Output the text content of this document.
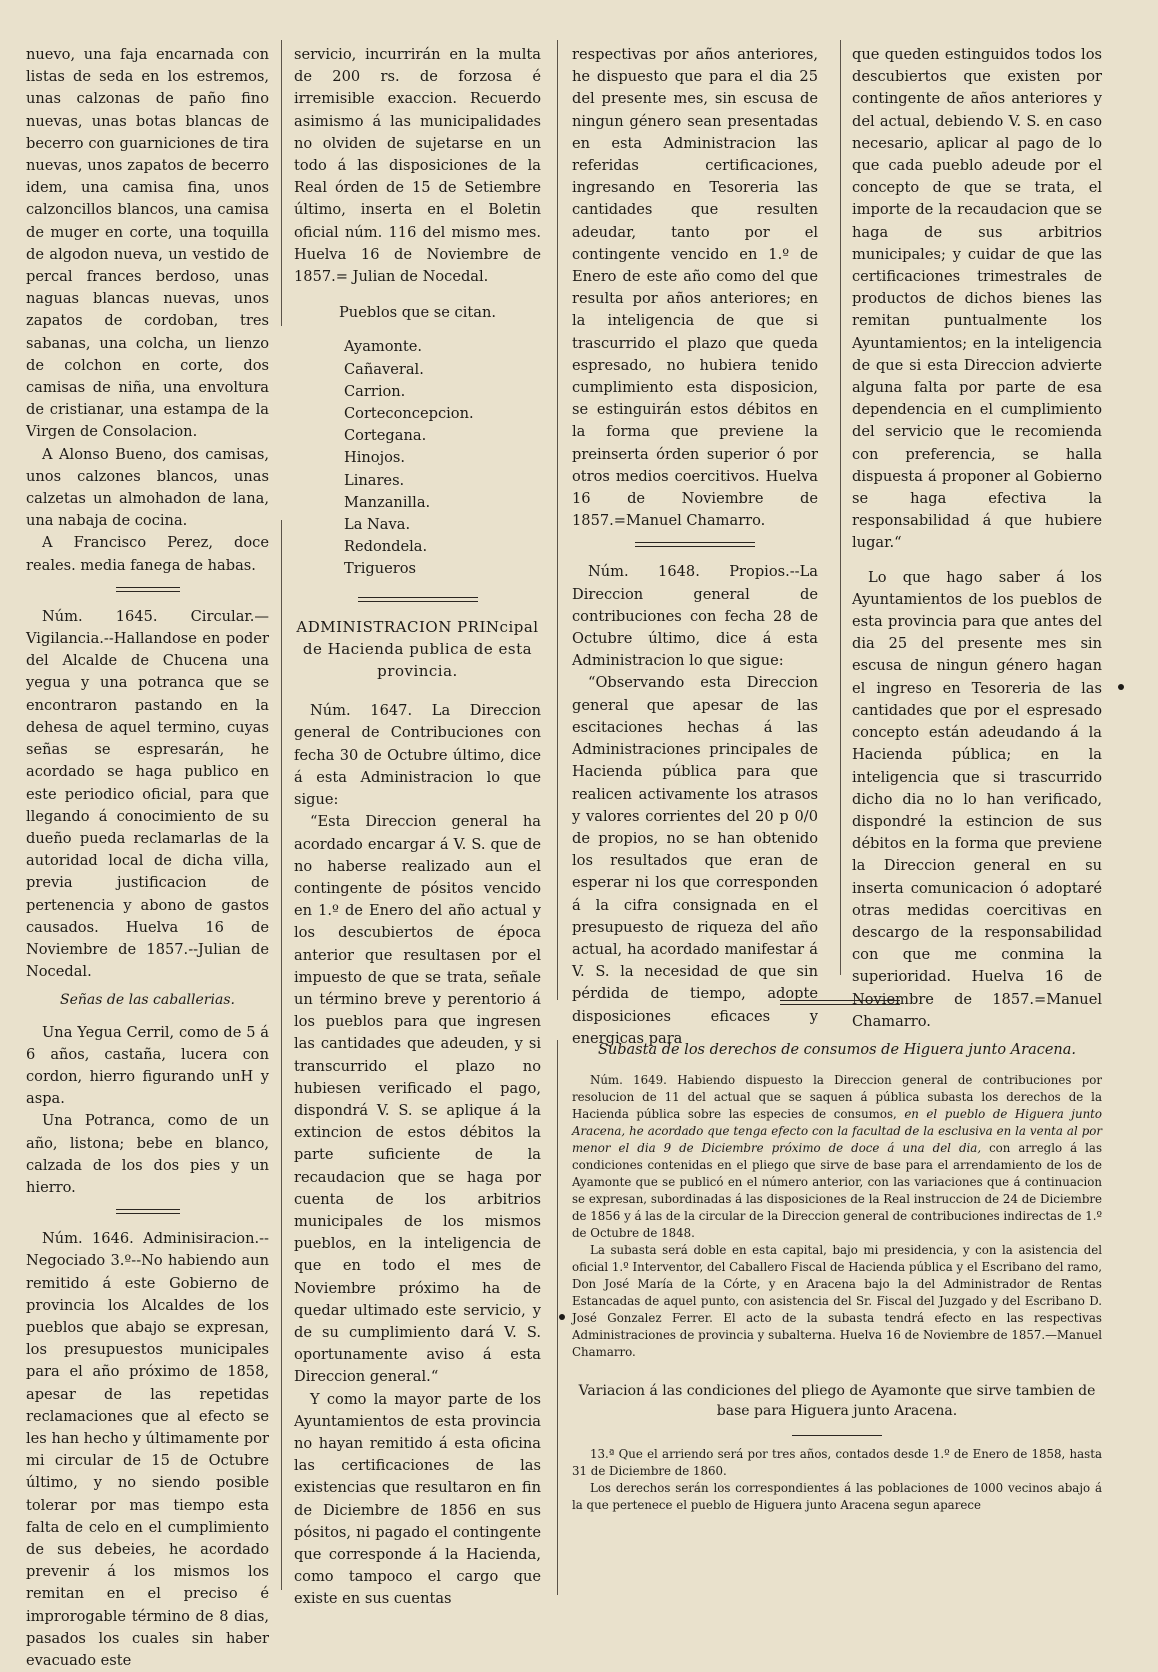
nuevo, una faja encarnada con listas de seda en los estremos, unas calzonas de paño fino nuevas, unas botas blancas de becerro con guarniciones de tira nuevas, unos zapatos de becerro idem, una camisa fina, unos calzoncillos blancos, una camisa de muger en corte, una toquilla de algodon nueva, un vestido de percal frances berdoso, unas naguas blancas nuevas, unos zapatos de cordoban, tres sabanas, una colcha, un lienzo de colchon en corte, dos camisas de niña, una envoltura de cristianar, una estampa de la Virgen de Consolacion.

A Alonso Bueno, dos camisas, unos calzones blancos, unas calzetas un almohadon de lana, una nabaja de cocina.

A Francisco Perez, doce reales. media fanega de habas.

Núm. 1645. Circular.— Vigilancia.--Hallandose en poder del Alcalde de Chucena una yegua y una potranca que se encontraron pastando en la dehesa de aquel termino, cuyas señas se espresarán, he acordado se haga publico en este periodico oficial, para que llegando á conocimiento de su dueño pueda reclamarlas de la autoridad local de dicha villa, previa justificacion de pertenencia y abono de gastos causados. Huelva 16 de Noviembre de 1857.--Julian de Nocedal.

Señas de las caballerias.

Una Yegua Cerril, como de 5 á 6 años, castaña, lucera con cordon, hierro figurando unH y aspa.

Una Potranca, como de un año, listona; bebe en blanco, calzada de los dos pies y un hierro.

Núm. 1646. Adminisiracion.--Negociado 3.º--No habiendo aun remitido á este Gobierno de provincia los Alcaldes de los pueblos que abajo se expresan, los presupuestos municipales para el año próximo de 1858, apesar de las repetidas reclamaciones que al efecto se les han hecho y últimamente por mi circular de 15 de Octubre último, y no siendo posible tolerar por mas tiempo esta falta de celo en el cumplimiento de sus debeies, he acordado prevenir á los mismos los remitan en el preciso é improrogable término de 8 dias, pasados los cuales sin haber evacuado este

servicio, incurrirán en la multa de 200 rs. de forzosa é irremisible exaccion. Recuerdo asimismo á las municipalidades no olviden de sujetarse en un todo á las disposiciones de la Real órden de 15 de Setiembre último, inserta en el Boletin oficial núm. 116 del mismo mes. Huelva 16 de Noviembre de 1857.= Julian de Nocedal.

Pueblos que se citan.

Ayamonte.
Cañaveral.
Carrion.
Corteconcepcion.
Cortegana.
Hinojos.
Linares.
Manzanilla.
La Nava.
Redondela.
Trigueros

ADMINISTRACION PRINcipal de Hacienda publica de esta provincia.

Núm. 1647. La Direccion general de Contribuciones con fecha 30 de Octubre último, dice á esta Administracion lo que sigue:

“Esta Direccion general ha acordado encargar á V. S. que de no haberse realizado aun el contingente de pósitos vencido en 1.º de Enero del año actual y los descubiertos de época anterior que resultasen por el impuesto de que se trata, señale un término breve y perentorio á los pueblos para que ingresen las cantidades que adeuden, y si transcurrido el plazo no hubiesen verificado el pago, dispondrá V. S. se aplique á la extincion de estos débitos la parte suficiente de la recaudacion que se haga por cuenta de los arbitrios municipales de los mismos pueblos, en la inteligencia de que en todo el mes de Noviembre próximo ha de quedar ultimado este servicio, y de su cumplimiento dará V. S. oportunamente aviso á esta Direccion general.“

Y como la mayor parte de los Ayuntamientos de esta provincia no hayan remitido á esta oficina las certificaciones de las existencias que resultaron en fin de Diciembre de 1856 en sus pósitos, ni pagado el contingente que corresponde á la Hacienda, como tampoco el cargo que existe en sus cuentas

respectivas por años anteriores, he dispuesto que para el dia 25 del presente mes, sin escusa de ningun género sean presentadas en esta Administracion las referidas certificaciones, ingresando en Tesoreria las cantidades que resulten adeudar, tanto por el contingente vencido en 1.º de Enero de este año como del que resulta por años anteriores; en la inteligencia de que si trascurrido el plazo que queda espresado, no hubiera tenido cumplimiento esta disposicion, se estinguirán estos débitos en la forma que previene la preinserta órden superior ó por otros medios coercitivos. Huelva 16 de Noviembre de 1857.=Manuel Chamarro.

Núm. 1648. Propios.--La Direccion general de contribuciones con fecha 28 de Octubre último, dice á esta Administracion lo que sigue:

“Observando esta Direccion general que apesar de las escitaciones hechas á las Administraciones principales de Hacienda pública para que realicen activamente los atrasos y valores corrientes del 20 p 0/0 de propios, no se han obtenido los resultados que eran de esperar ni los que corresponden á la cifra consignada en el presupuesto de riqueza del año actual, ha acordado manifestar á V. S. la necesidad de que sin pérdida de tiempo, adopte disposiciones eficaces y energicas para

que queden estinguidos todos los descubiertos que existen por contingente de años anteriores y del actual, debiendo V. S. en caso necesario, aplicar al pago de lo que cada pueblo adeude por el concepto de que se trata, el importe de la recaudacion que se haga de sus arbitrios municipales; y cuidar de que las certificaciones trimestrales de productos de dichos bienes las remitan puntualmente los Ayuntamientos; en la inteligencia de que si esta Direccion advierte alguna falta por parte de esa dependencia en el cumplimiento del servicio que le recomienda con preferencia, se halla dispuesta á proponer al Gobierno se haga efectiva la responsabilidad á que hubiere lugar.“

Lo que hago saber á los Ayuntamientos de los pueblos de esta provincia para que antes del dia 25 del presente mes sin escusa de ningun género hagan el ingreso en Tesoreria de las cantidades que por el espresado concepto están adeudando á la Hacienda pública; en la inteligencia que si trascurrido dicho dia no lo han verificado, dispondré la estincion de sus débitos en la forma que previene la Direccion general en su inserta comunicacion ó adoptaré otras medidas coercitivas en descargo de la responsabilidad con que me conmina la superioridad. Huelva 16 de Noviembre de 1857.=Manuel Chamarro.

Subasta de los derechos de consumos de Higuera junto Aracena.

Núm. 1649. Habiendo dispuesto la Direccion general de contribuciones por resolucion de 11 del actual que se saquen á pública subasta los derechos de la Hacienda pública sobre las especies de consumos, en el pueblo de Higuera junto Aracena, he acordado que tenga efecto con la facultad de la esclusiva en la venta al por menor el dia 9 de Diciembre próximo de doce á una del dia, con arreglo á las condiciones contenidas en el pliego que sirve de base para el arrendamiento de los de Ayamonte que se publicó en el número anterior, con las variaciones que á continuacion se expresan, subordinadas á las disposiciones de la Real instruccion de 24 de Diciembre de 1856 y á las de la circular de la Direccion general de contribuciones indirectas de 1.º de Octubre de 1848.

La subasta será doble en esta capital, bajo mi presidencia, y con la asistencia del oficial 1.º Interventor, del Caballero Fiscal de Hacienda pública y el Escribano del ramo, Don José María de la Córte, y en Aracena bajo la del Administrador de Rentas Estancadas de aquel punto, con asistencia del Sr. Fiscal del Juzgado y del Escribano D. José Gonzalez Ferrer. El acto de la subasta tendrá efecto en las respectivas Administraciones de provincia y subalterna. Huelva 16 de Noviembre de 1857.—Manuel Chamarro.

Variacion á las condiciones del pliego de Ayamonte que sirve tambien de base para Higuera junto Aracena.

13.ª Que el arriendo será por tres años, contados desde 1.º de Enero de 1858, hasta 31 de Diciembre de 1860.

Los derechos serán los correspondientes á las poblaciones de 1000 vecinos abajo á la que pertenece el pueblo de Higuera junto Aracena segun aparece
